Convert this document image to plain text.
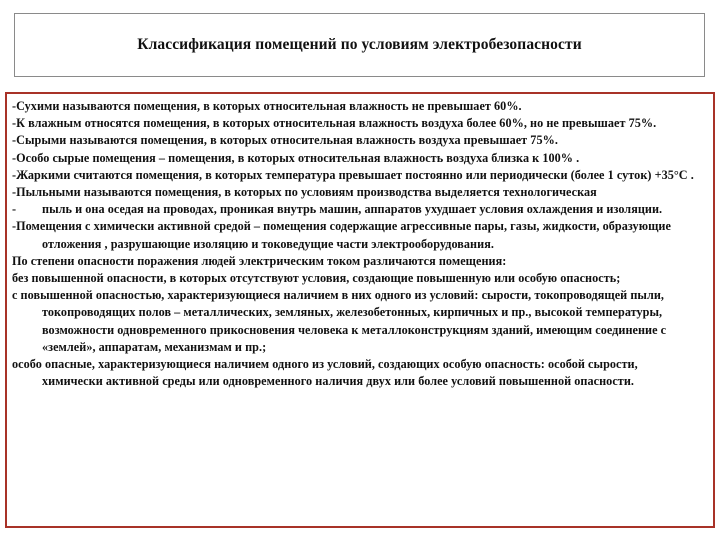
Классификация помещений по условиям электробезопасности

-Сухими называются помещения, в которых относительная влажность не превышает 60%.

-К влажным относятся помещения, в которых относительная влажность воздуха более 60%, но не превышает 75%.

-Сырыми называются помещения, в которых относительная влажность воздуха превышает 75%.

-Особо сырые помещения – помещения, в которых относительная влажность воздуха близка к 100% .

-Жаркими считаются помещения, в которых температура превышает постоянно или периодически (более 1 суток) +35°C .

-Пыльными называются помещения, в которых по условиям производства выделяется технологическая

-	пыль и она оседая на проводах, проникая внутрь машин, аппаратов ухудшает условия охлаждения и изоляции.

-Помещения с химически активной средой – помещения содержащие агрессивные пары, газы, жидкости, образующие отложения , разрушающие изоляцию и токоведущие части электрооборудования.

По степени опасности поражения людей электрическим током различаются помещения:

без повышенной опасности, в которых отсутствуют условия, создающие повышенную или особую опасность;

с повышенной опасностью, характеризующиеся наличием в них одного из условий: сырости, токопроводящей пыли, токопроводящих полов – металлических, земляных, железобетонных, кирпичных и пр., высокой температуры, возможности одновременного прикосновения человека к металлоконструкциям зданий, имеющим соединение с «землей», аппаратам, механизмам и пр.;

особо опасные, характеризующиеся наличием одного из условий, создающих особую опасность: особой сырости, химически активной среды или одновременного наличия двух или более условий повышенной опасности.
